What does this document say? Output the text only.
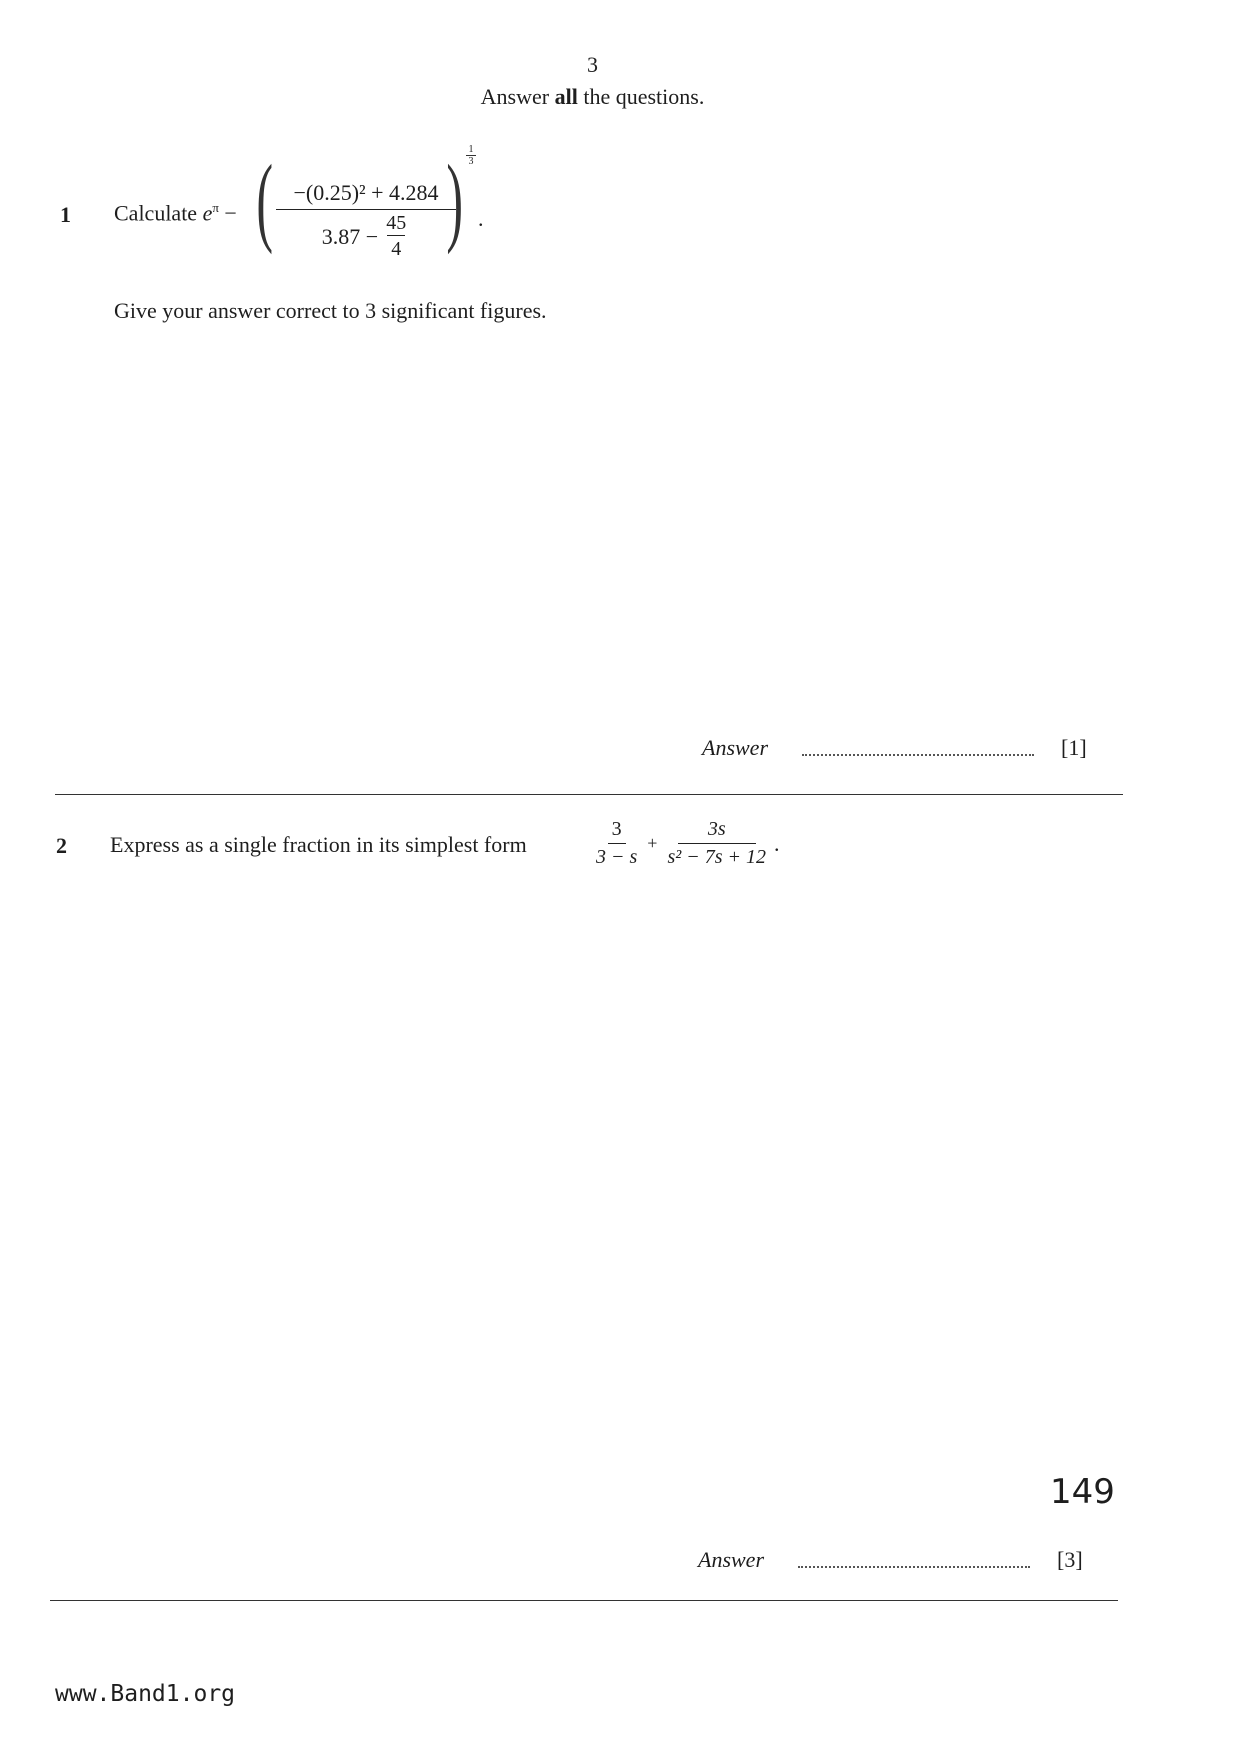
3
Answer all the questions.
1 Calculate $e^\pi$ − ( $\frac{\text{−(0.25)² + 4.284}}{3.87 - \frac{45}{4}}$
) 1
3
.
Give your answer correct to 3 significant figures.
Answer	[1]
2 Express as a single fraction in its simplest form	$\frac{3}{3 - s} + \frac{3s}{\text{s² − 7s + 12}}$ .
149
Answer	[3]
www.Band1.org
